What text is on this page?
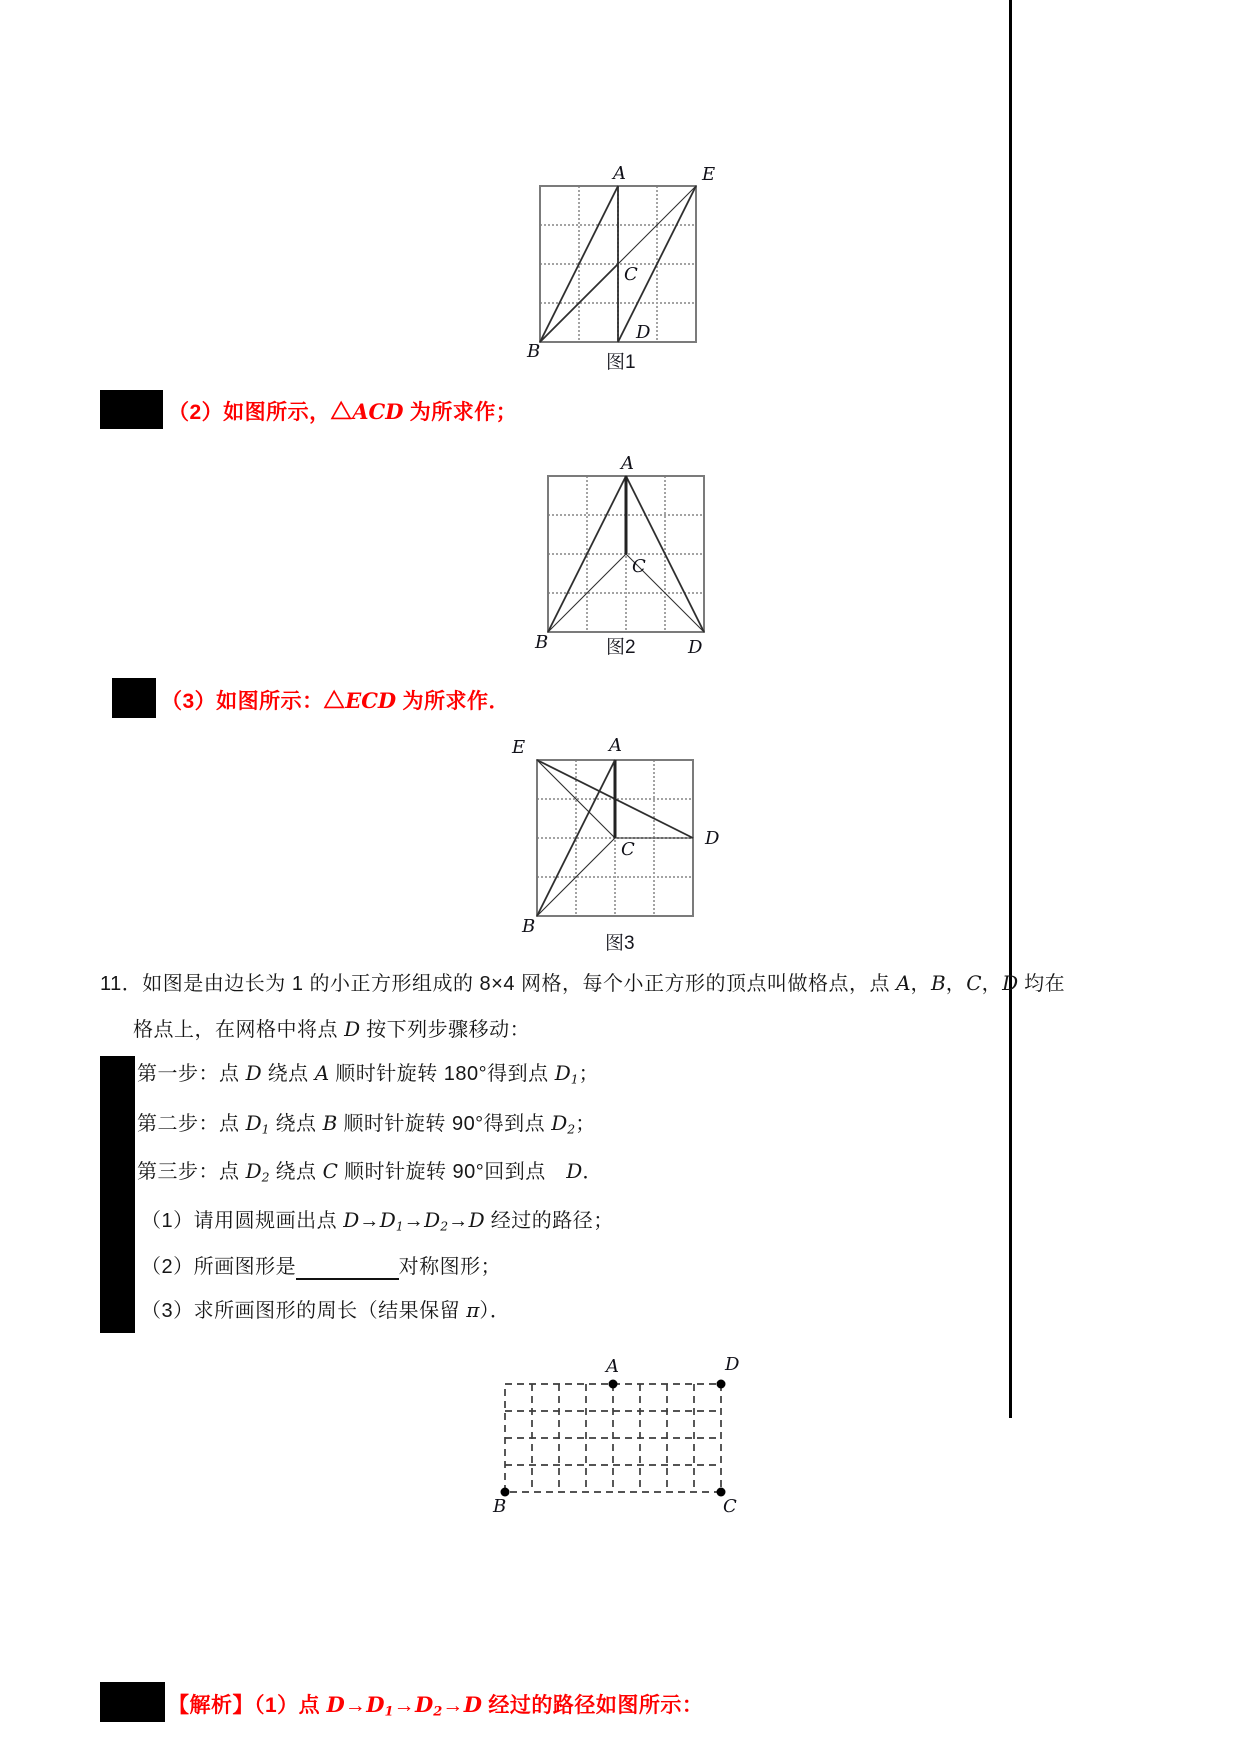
A	E
B
C
D
图1
（2）如图所示，△ACD 为所求作；
A
B
C
D
图2
（3）如图所示：△ECD 为所求作．
E	A
C
D
B
图3
11．如图是由边长为 1 的小正方形组成的 8×4 网格，每个小正方形的顶点叫做格点，点 A，B，C，D 均在
格点上，在网格中将点 D 按下列步骤移动：
第一步：点 D 绕点 A 顺时针旋转 180°得到点 $D_1$；
第二步：点 $D_1$ 绕点 B 顺时针旋转 90°得到点 $D_2$；
第三步：点 $D_2$ 绕点 C 顺时针旋转 90°回到点　D．
（1）请用圆规画出点 $D\to D_1\to D_2\to D$ 经过的路径；
（2）所画图形是　　　　　	对称图形；
（3）求所画图形的周长（结果保留 π）．
A	D
B	C
【解析】（1）点 $D\to D_1\to D_2\to D$ 经过的路径如图所示：
